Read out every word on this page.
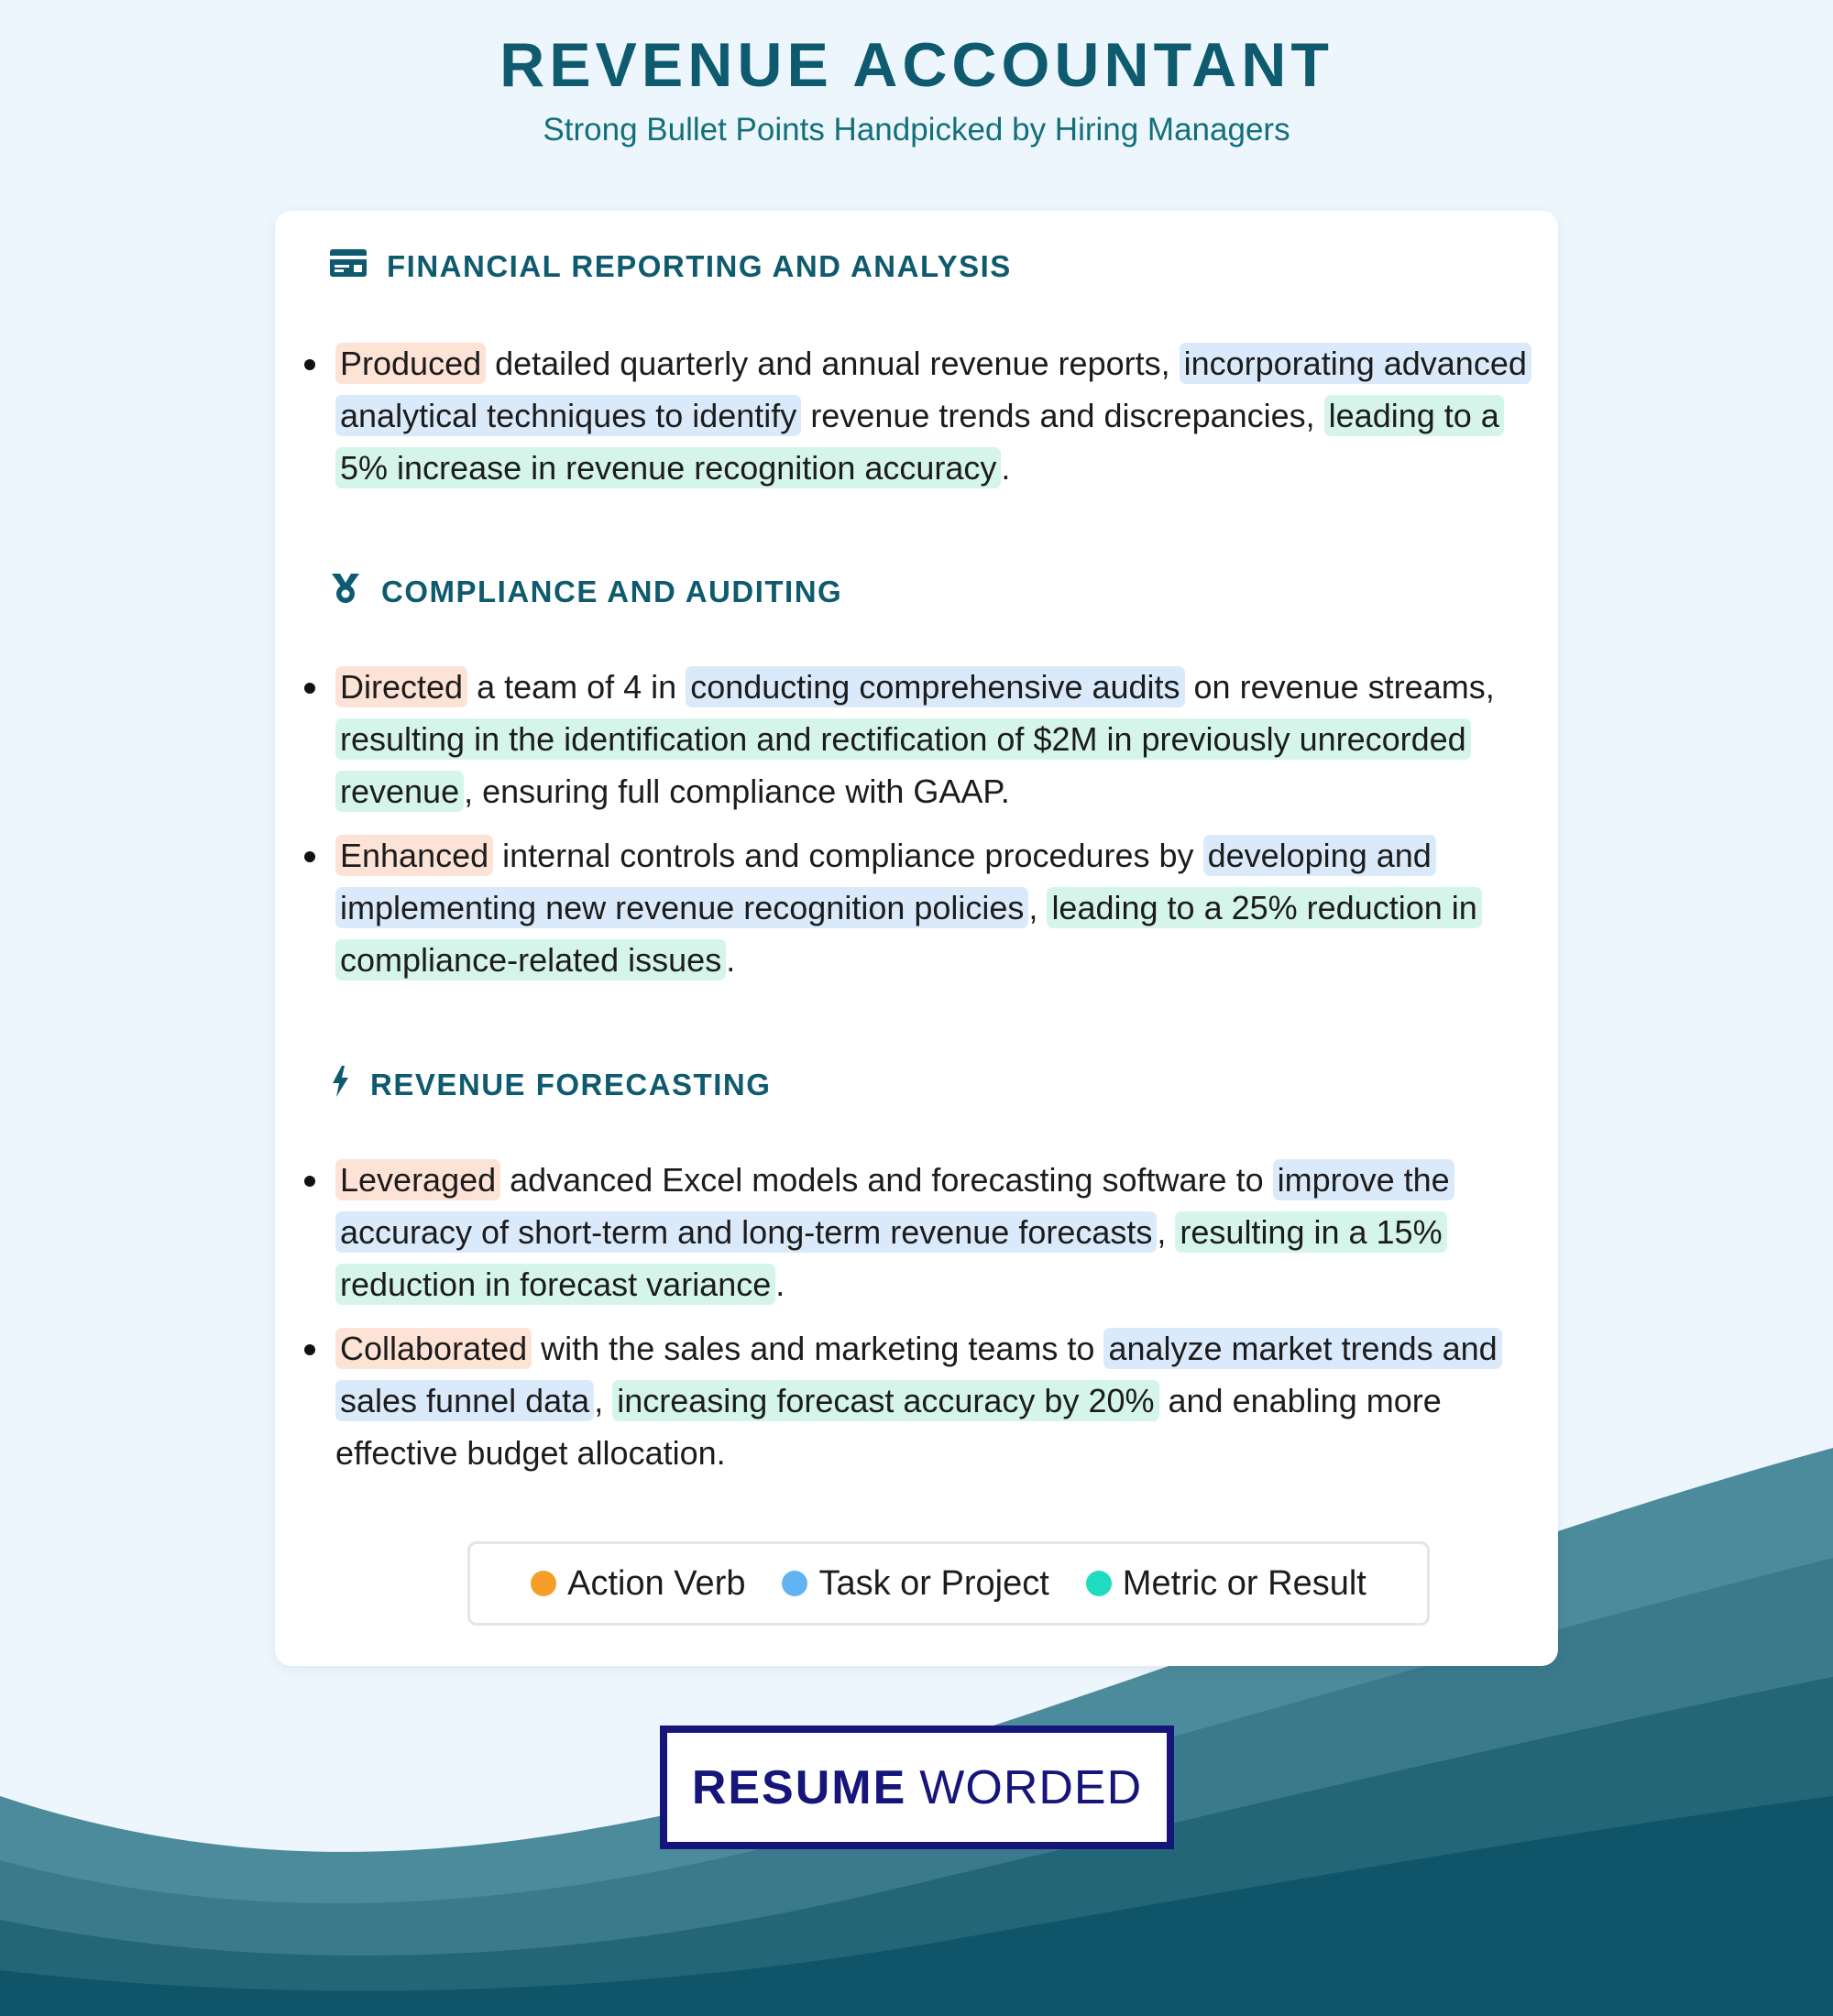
REVENUE ACCOUNTANT
Strong Bullet Points Handpicked by Hiring Managers
FINANCIAL REPORTING AND ANALYSIS
Produced detailed quarterly and annual revenue reports, incorporating advanced analytical techniques to identify revenue trends and discrepancies, leading to a 5% increase in revenue recognition accuracy .
COMPLIANCE AND AUDITING
Directed a team of 4 in conducting comprehensive audits on revenue streams, resulting in the identification and rectification of $2M in previously unrecorded revenue , ensuring full compliance with GAAP.
Enhanced internal controls and compliance procedures by developing and implementing new revenue recognition policies , leading to a 25% reduction in compliance-related issues .
REVENUE FORECASTING
Leveraged advanced Excel models and forecasting software to improve the accuracy of short-term and long-term revenue forecasts , resulting in a 15% reduction in forecast variance .
Collaborated with the sales and marketing teams to analyze market trends and sales funnel data , increasing forecast accuracy by 20% and enabling more effective budget allocation.
Action Verb Task or Project Metric or Result
RESUME WORDED
